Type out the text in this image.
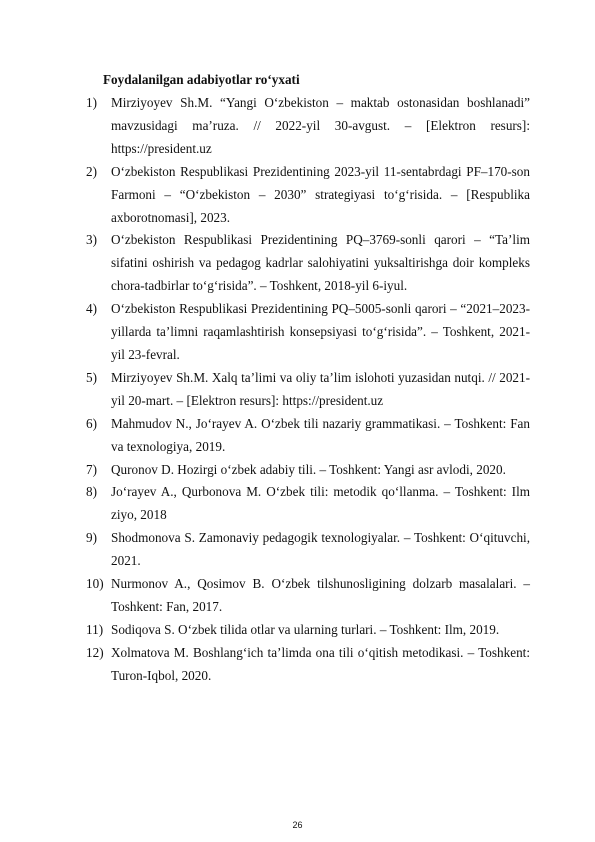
Foydalanilgan adabiyotlar ro‘yxati
1) Mirziyoyev Sh.M. “Yangi O‘zbekiston – maktab ostonasidan boshlanadi” mavzusidagi ma’ruza. // 2022-yil 30-avgust. – [Elektron resurs]: https://president.uz
2) O‘zbekiston Respublikasi Prezidentining 2023-yil 11-sentabrdagi PF–170-son Farmoni – “O‘zbekiston – 2030” strategiyasi to‘g‘risida. – [Respublika axborotnomasi], 2023.
3) O‘zbekiston Respublikasi Prezidentining PQ–3769-sonli qarori – “Ta’lim sifatini oshirish va pedagog kadrlar salohiyatini yuksaltirishga doir kompleks chora-tadbirlar to‘g‘risida”. – Toshkent, 2018-yil 6-iyul.
4) O‘zbekiston Respublikasi Prezidentining PQ–5005-sonli qarori – “2021–2023-yillarda ta’limni raqamlashtirish konsepsiyasi to‘g‘risida”. – Toshkent, 2021-yil 23-fevral.
5) Mirziyoyev Sh.M. Xalq ta’limi va oliy ta’lim islohoti yuzasidan nutqi. // 2021-yil 20-mart. – [Elektron resurs]: https://president.uz
6) Mahmudov N., Jo‘rayev A. O‘zbek tili nazariy grammatikasi. – Toshkent: Fan va texnologiya, 2019.
7) Quronov D. Hozirgi o‘zbek adabiy tili. – Toshkent: Yangi asr avlodi, 2020.
8) Jo‘rayev A., Qurbonova M. O‘zbek tili: metodik qo‘llanma. – Toshkent: Ilm ziyo, 2018
9) Shodmonova S. Zamonaviy pedagogik texnologiyalar. – Toshkent: O‘qituvchi, 2021.
10) Nurmonov A., Qosimov B. O‘zbek tilshunosligining dolzarb masalalari. – Toshkent: Fan, 2017.
11) Sodiqova S. O‘zbek tilida otlar va ularning turlari. – Toshkent: Ilm, 2019.
12) Xolmatova M. Boshlang‘ich ta’limda ona tili o‘qitish metodikasi. – Toshkent: Turon-Iqbol, 2020.
26
